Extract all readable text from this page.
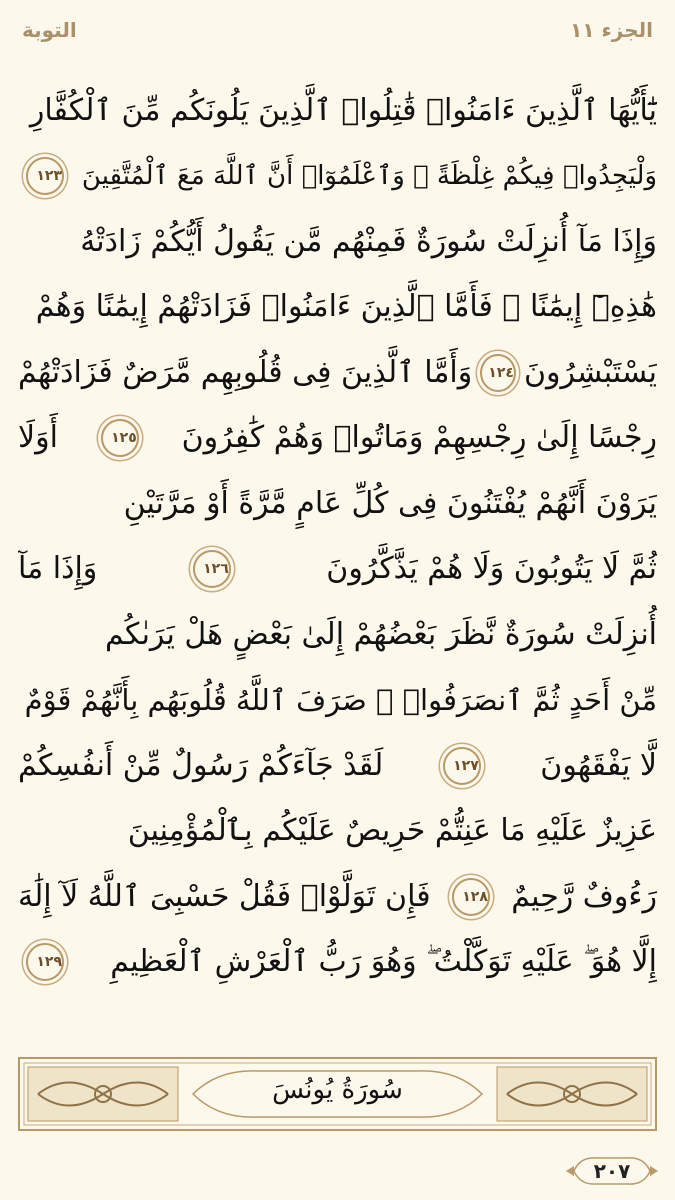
الجزء ١١
التوبة
يَٰٓأَيُّهَا ٱلَّذِينَ ءَامَنُوا۟ قَٰتِلُوا۟ ٱلَّذِينَ يَلُونَكُم مِّنَ ٱلْكُفَّارِ
وَلْيَجِدُوا۟ فِيكُمْ غِلْظَةً ۚ وَٱعْلَمُوٓا۟ أَنَّ ٱللَّهَ مَعَ ٱلْمُتَّقِينَ
١٢٣
وَإِذَا مَآ أُنزِلَتْ سُورَةٌ فَمِنْهُم مَّن يَقُولُ أَيُّكُمْ زَادَتْهُ
هَٰذِهِۦٓ إِيمَٰنًا ۚ فَأَمَّا ٱلَّذِينَ ءَامَنُوا۟ فَزَادَتْهُمْ إِيمَٰنًا وَهُمْ
يَسْتَبْشِرُونَ
١٢٤
وَأَمَّا ٱلَّذِينَ فِى قُلُوبِهِم مَّرَضٌ فَزَادَتْهُمْ
رِجْسًا إِلَىٰ رِجْسِهِمْ وَمَاتُوا۟ وَهُمْ كَٰفِرُونَ
١٢٥
أَوَلَا
يَرَوْنَ أَنَّهُمْ يُفْتَنُونَ فِى كُلِّ عَامٍ مَّرَّةً أَوْ مَرَّتَيْنِ
ثُمَّ لَا يَتُوبُونَ وَلَا هُمْ يَذَّكَّرُونَ
١٢٦
وَإِذَا مَآ
أُنزِلَتْ سُورَةٌ نَّظَرَ بَعْضُهُمْ إِلَىٰ بَعْضٍ هَلْ يَرَىٰكُم
مِّنْ أَحَدٍ ثُمَّ ٱنصَرَفُوا۟ ۚ صَرَفَ ٱللَّهُ قُلُوبَهُم بِأَنَّهُمْ قَوْمٌ
لَّا يَفْقَهُونَ
١٢٧
لَقَدْ جَآءَكُمْ رَسُولٌ مِّنْ أَنفُسِكُمْ
عَزِيزٌ عَلَيْهِ مَا عَنِتُّمْ حَرِيصٌ عَلَيْكُم بِٱلْمُؤْمِنِينَ
رَءُوفٌ رَّحِيمٌ
١٢٨
فَإِن تَوَلَّوْا۟ فَقُلْ حَسْبِىَ ٱللَّهُ لَآ إِلَٰهَ
إِلَّا هُوَ ۖ عَلَيْهِ تَوَكَّلْتُ ۖ وَهُوَ رَبُّ ٱلْعَرْشِ ٱلْعَظِيمِ
١٢٩
سُورَةُ يُونُسَ
٢٠٧
